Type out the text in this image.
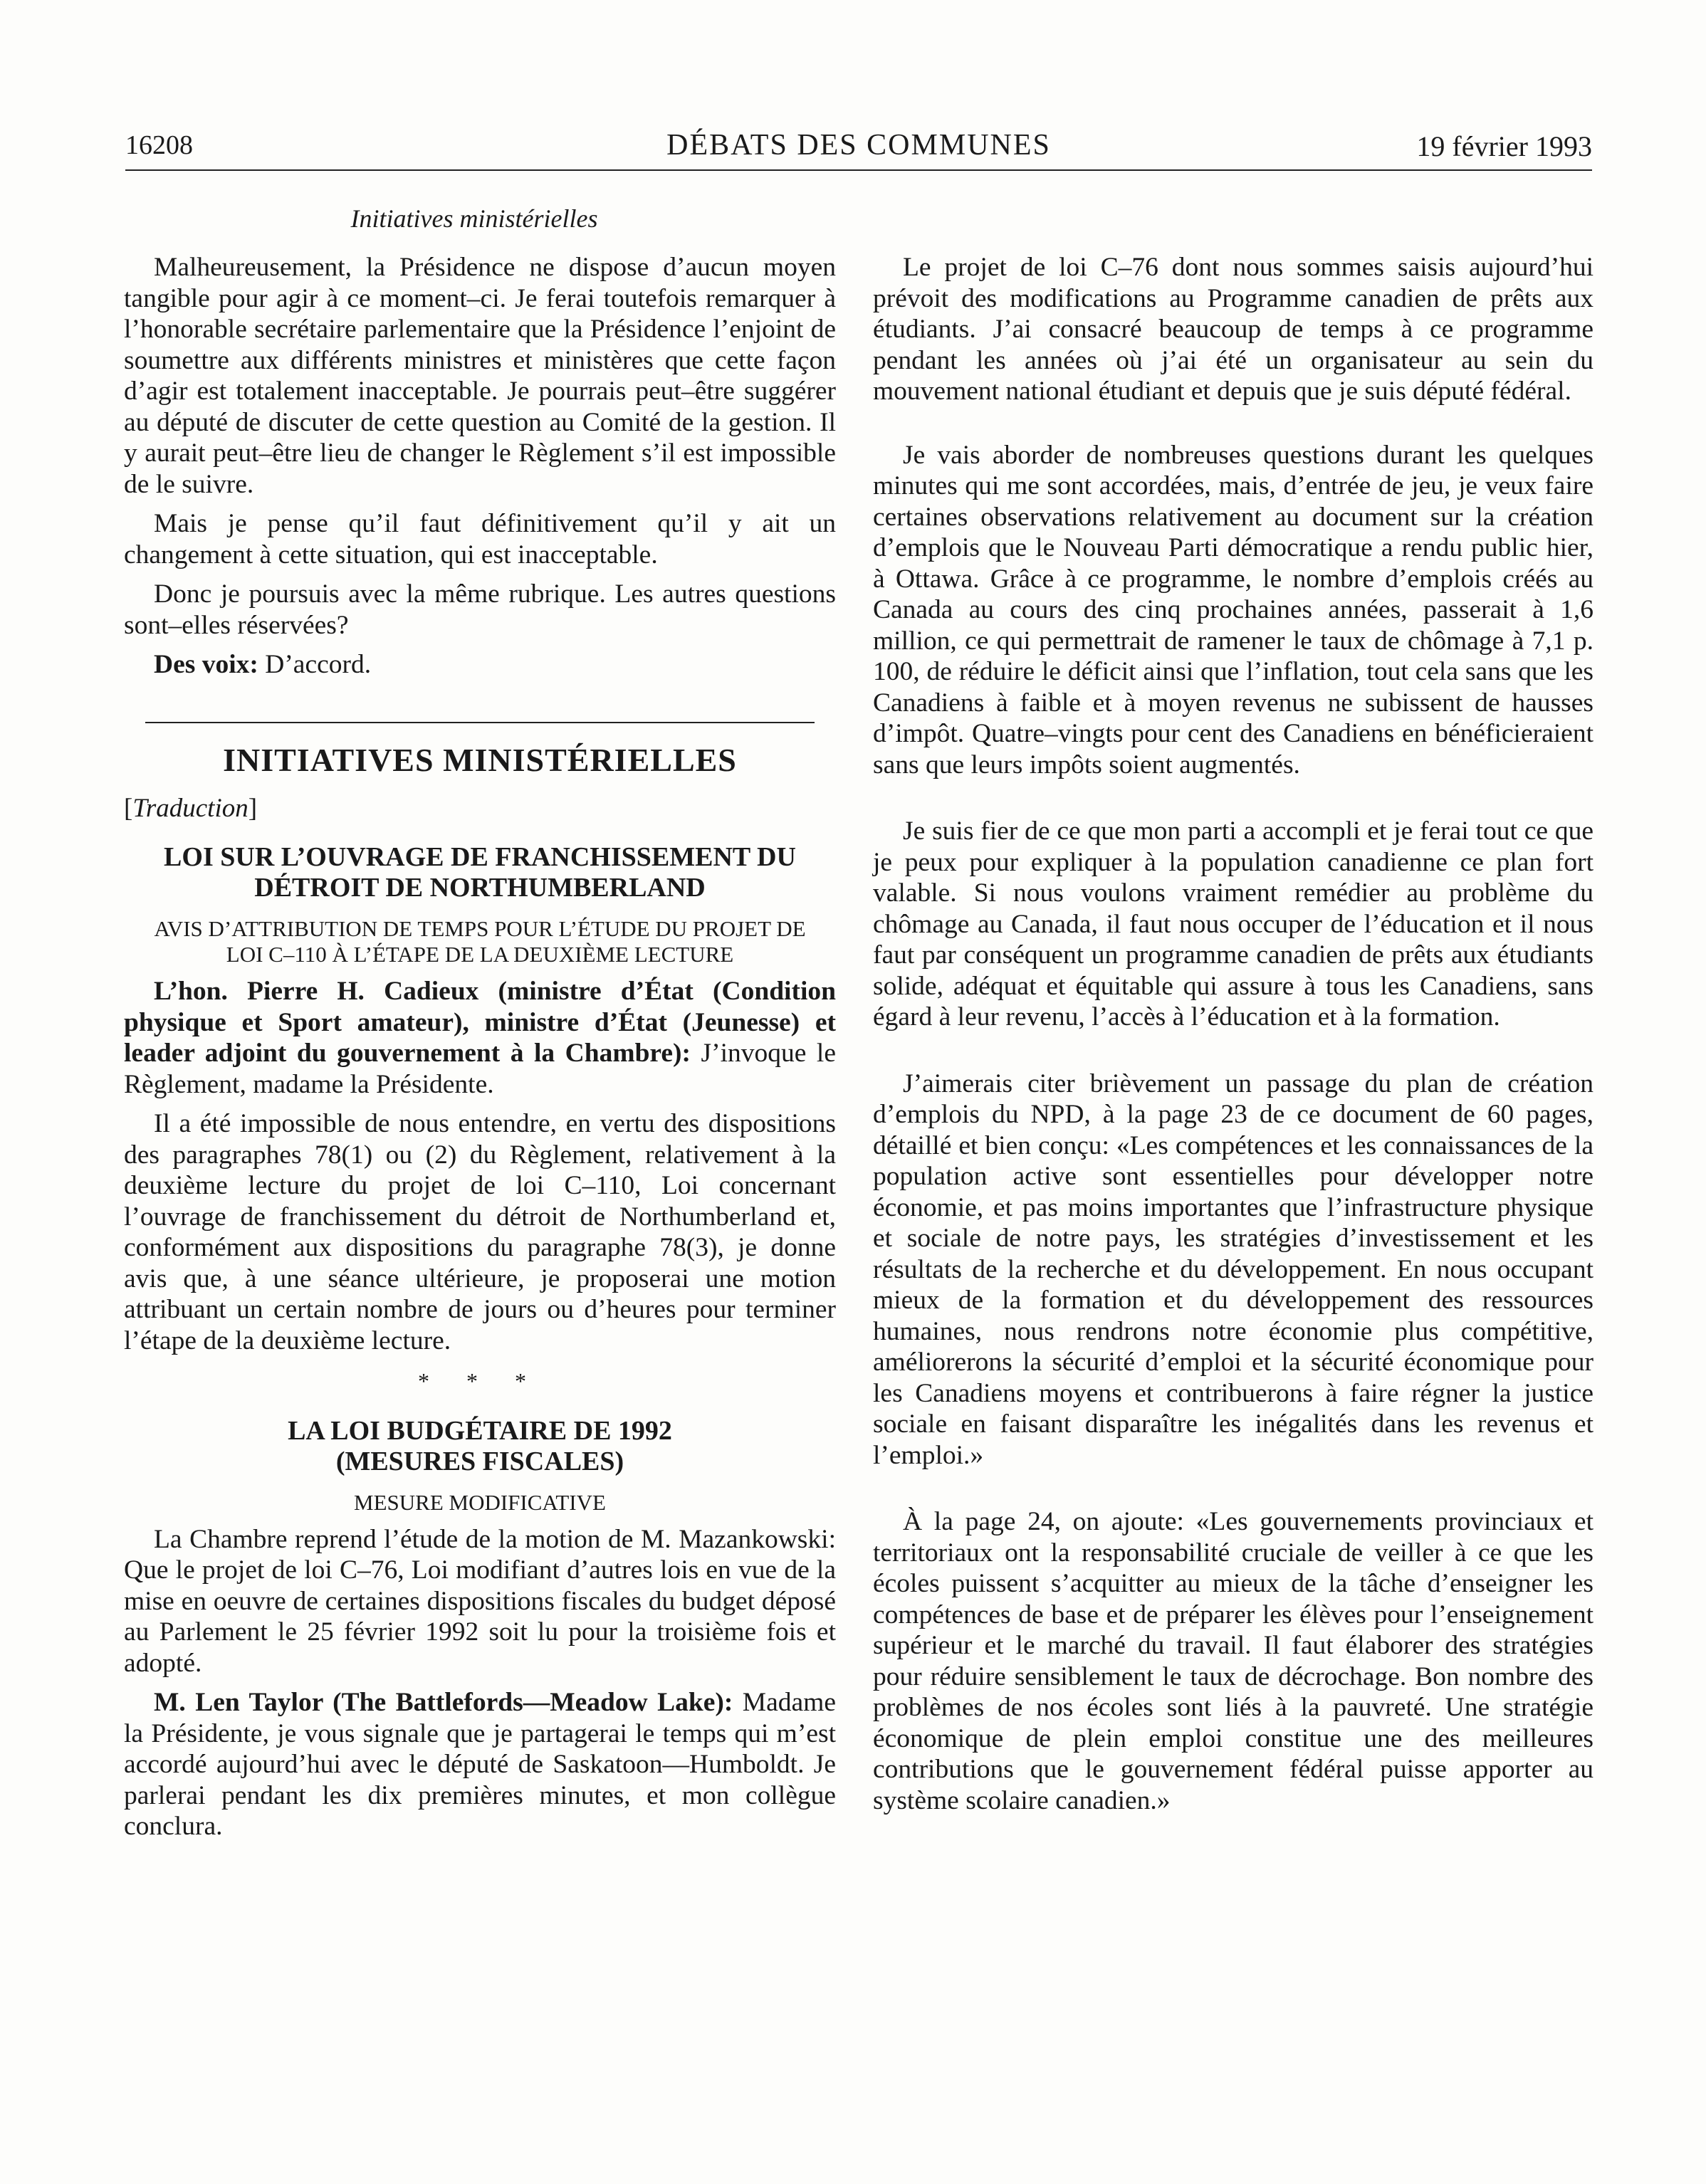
16208	DÉBATS DES COMMUNES	19 février 1993
Initiatives ministérielles

Malheureusement, la Présidence ne dispose d’aucun moyen tangible pour agir à ce moment–ci. Je ferai toutefois remarquer à l’honorable secrétaire parlementaire que la Présidence l’enjoint de soumettre aux différents ministres et ministères que cette façon d’agir est totalement inacceptable. Je pourrais peut–être suggérer au député de discuter de cette question au Comité de la gestion. Il y aurait peut–être lieu de changer le Règlement s’il est impossible de le suivre.

Mais je pense qu’il faut définitivement qu’il y ait un changement à cette situation, qui est inacceptable.

Donc je poursuis avec la même rubrique. Les autres questions sont–elles réservées?

Des voix: D’accord.

INITIATIVES MINISTÉRIELLES
[Traduction]
LOI SUR L’OUVRAGE DE FRANCHISSEMENT DU DÉTROIT DE NORTHUMBERLAND
AVIS D’ATTRIBUTION DE TEMPS POUR L’ÉTUDE DU PROJET DE LOI C–110 À L’ÉTAPE DE LA DEUXIÈME LECTURE

L’hon. Pierre H. Cadieux (ministre d’État (Condition physique et Sport amateur), ministre d’État (Jeunesse) et leader adjoint du gouvernement à la Chambre): J’invoque le Règlement, madame la Présidente.

Il a été impossible de nous entendre, en vertu des dispositions des paragraphes 78(1) ou (2) du Règlement, relativement à la deuxième lecture du projet de loi C–110, Loi concernant l’ouvrage de franchissement du détroit de Northumberland et, conformément aux dispositions du paragraphe 78(3), je donne avis que, à une séance ultérieure, je proposerai une motion attribuant un certain nombre de jours ou d’heures pour terminer l’étape de la deuxième lecture.

* * *
LA LOI BUDGÉTAIRE DE 1992
(MESURES FISCALES)
MESURE MODIFICATIVE

La Chambre reprend l’étude de la motion de M. Mazankowski: Que le projet de loi C–76, Loi modifiant d’autres lois en vue de la mise en oeuvre de certaines dispositions fiscales du budget déposé au Parlement le 25 février 1992 soit lu pour la troisième fois et adopté.

M. Len Taylor (The Battlefords—Meadow Lake): Madame la Présidente, je vous signale que je partagerai le temps qui m’est accordé aujourd’hui avec le député de Saskatoon—Humboldt. Je parlerai pendant les dix premières minutes, et mon collègue conclura.

Le projet de loi C–76 dont nous sommes saisis aujourd’hui prévoit des modifications au Programme canadien de prêts aux étudiants. J’ai consacré beaucoup de temps à ce programme pendant les années où j’ai été un organisateur au sein du mouvement national étudiant et depuis que je suis député fédéral.

Je vais aborder de nombreuses questions durant les quelques minutes qui me sont accordées, mais, d’entrée de jeu, je veux faire certaines observations relativement au document sur la création d’emplois que le Nouveau Parti démocratique a rendu public hier, à Ottawa. Grâce à ce programme, le nombre d’emplois créés au Canada au cours des cinq prochaines années, passerait à 1,6 million, ce qui permettrait de ramener le taux de chômage à 7,1 p. 100, de réduire le déficit ainsi que l’inflation, tout cela sans que les Canadiens à faible et à moyen revenus ne subissent de hausses d’impôt. Quatre–vingts pour cent des Canadiens en bénéficieraient sans que leurs impôts soient augmentés.

Je suis fier de ce que mon parti a accompli et je ferai tout ce que je peux pour expliquer à la population canadienne ce plan fort valable. Si nous voulons vraiment remédier au problème du chômage au Canada, il faut nous occuper de l’éducation et il nous faut par conséquent un programme canadien de prêts aux étudiants solide, adéquat et équitable qui assure à tous les Canadiens, sans égard à leur revenu, l’accès à l’éducation et à la formation.

J’aimerais citer brièvement un passage du plan de création d’emplois du NPD, à la page 23 de ce document de 60 pages, détaillé et bien conçu: «Les compétences et les connaissances de la population active sont essentielles pour développer notre économie, et pas moins importantes que l’infrastructure physique et sociale de notre pays, les stratégies d’investissement et les résultats de la recherche et du développement. En nous occupant mieux de la formation et du développement des ressources humaines, nous rendrons notre économie plus compétitive, améliorerons la sécurité d’emploi et la sécurité économique pour les Canadiens moyens et contribuerons à faire régner la justice sociale en faisant disparaître les inégalités dans les revenus et l’emploi.»

À la page 24, on ajoute: «Les gouvernements provinciaux et territoriaux ont la responsabilité cruciale de veiller à ce que les écoles puissent s’acquitter au mieux de la tâche d’enseigner les compétences de base et de préparer les élèves pour l’enseignement supérieur et le marché du travail. Il faut élaborer des stratégies pour réduire sensiblement le taux de décrochage. Bon nombre des problèmes de nos écoles sont liés à la pauvreté. Une stratégie économique de plein emploi constitue une des meilleures contributions que le gouvernement fédéral puisse apporter au système scolaire canadien.»
